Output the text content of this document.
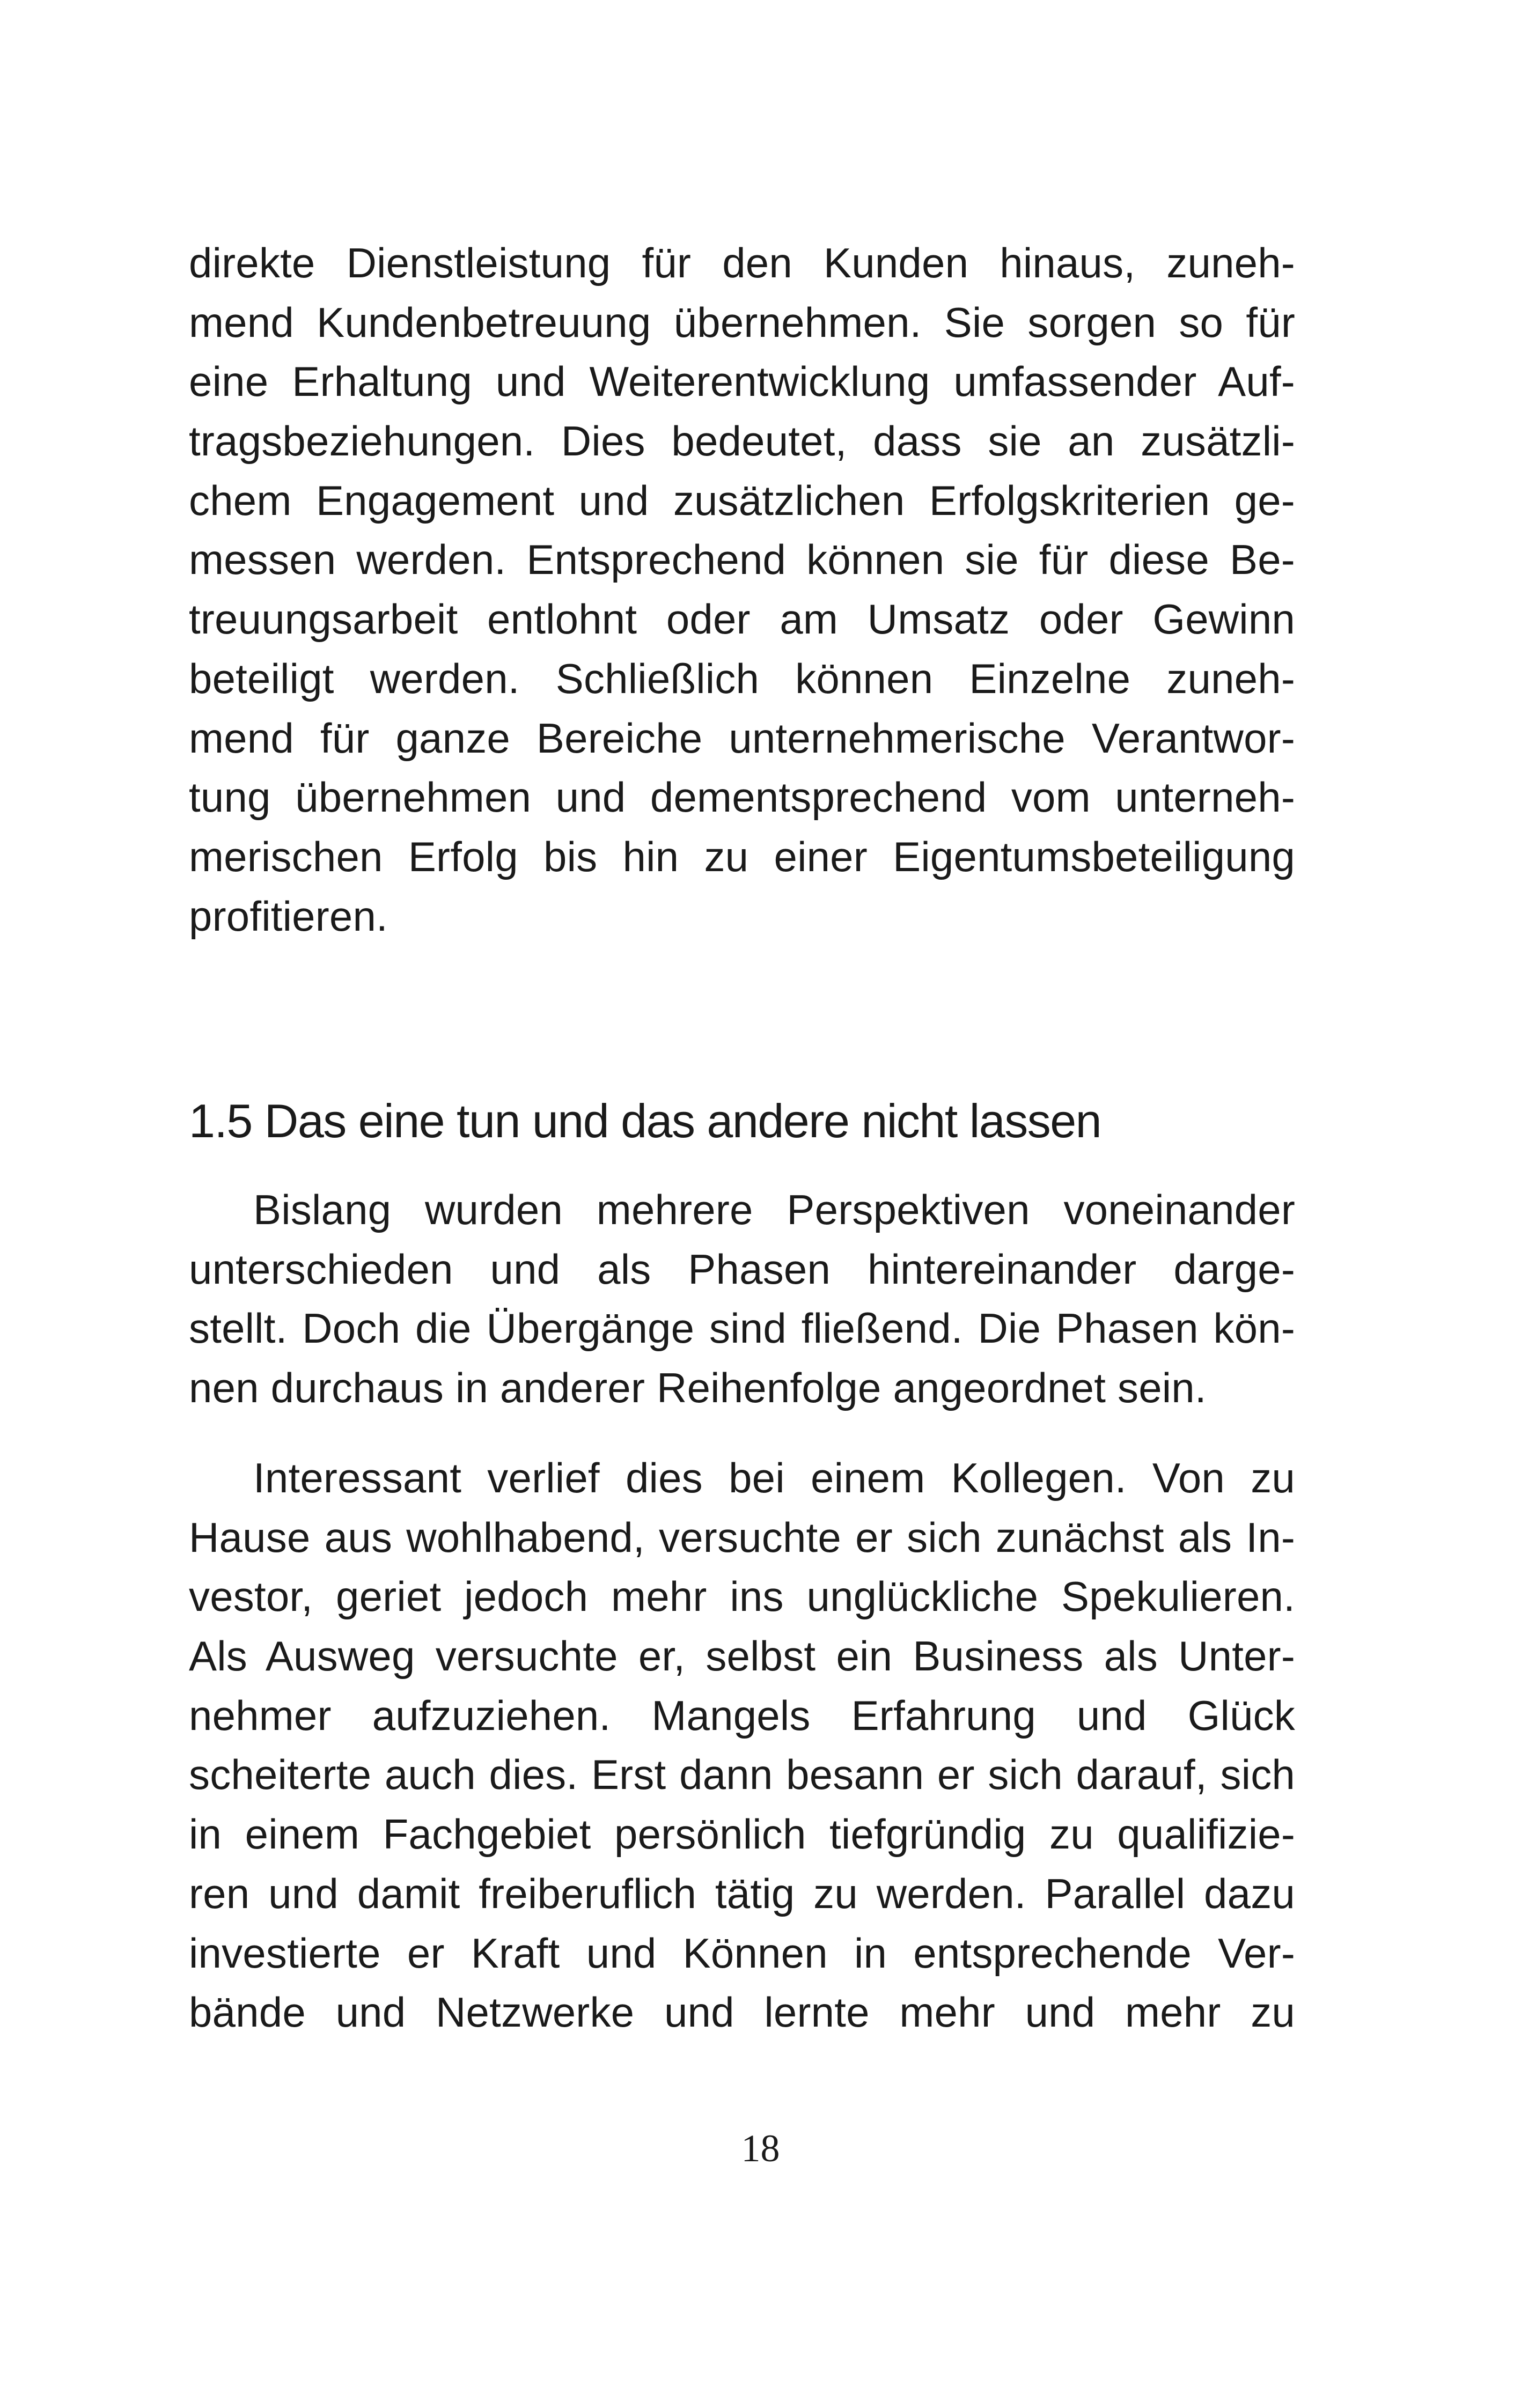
direkte Dienstleistung für den Kunden hinaus, zuneh-
mend Kundenbetreuung übernehmen. Sie sorgen so für
eine Erhaltung und Weiterentwicklung umfassender Auf-
tragsbeziehungen. Dies bedeutet, dass sie an zusätzli-
chem Engagement und zusätzlichen Erfolgskriterien ge-
messen werden. Entsprechend können sie für diese Be-
treuungsarbeit entlohnt oder am Umsatz oder Gewinn
beteiligt werden. Schließlich können Einzelne zuneh-
mend für ganze Bereiche unternehmerische Verantwor-
tung übernehmen und dementsprechend vom unterneh-
merischen Erfolg bis hin zu einer Eigentumsbeteiligung
profitieren.
1.5 Das eine tun und das andere nicht lassen
Bislang wurden mehrere Perspektiven voneinander
unterschieden und als Phasen hintereinander darge-
stellt. Doch die Übergänge sind fließend. Die Phasen kön-
nen durchaus in anderer Reihenfolge angeordnet sein.
Interessant verlief dies bei einem Kollegen. Von zu
Hause aus wohlhabend, versuchte er sich zunächst als In-
vestor, geriet jedoch mehr ins unglückliche Spekulieren.
Als Ausweg versuchte er, selbst ein Business als Unter-
nehmer aufzuziehen. Mangels Erfahrung und Glück
scheiterte auch dies. Erst dann besann er sich darauf, sich
in einem Fachgebiet persönlich tiefgründig zu qualifizie-
ren und damit freiberuflich tätig zu werden. Parallel dazu
investierte er Kraft und Können in entsprechende Ver-
bände und Netzwerke und lernte mehr und mehr zu
18
